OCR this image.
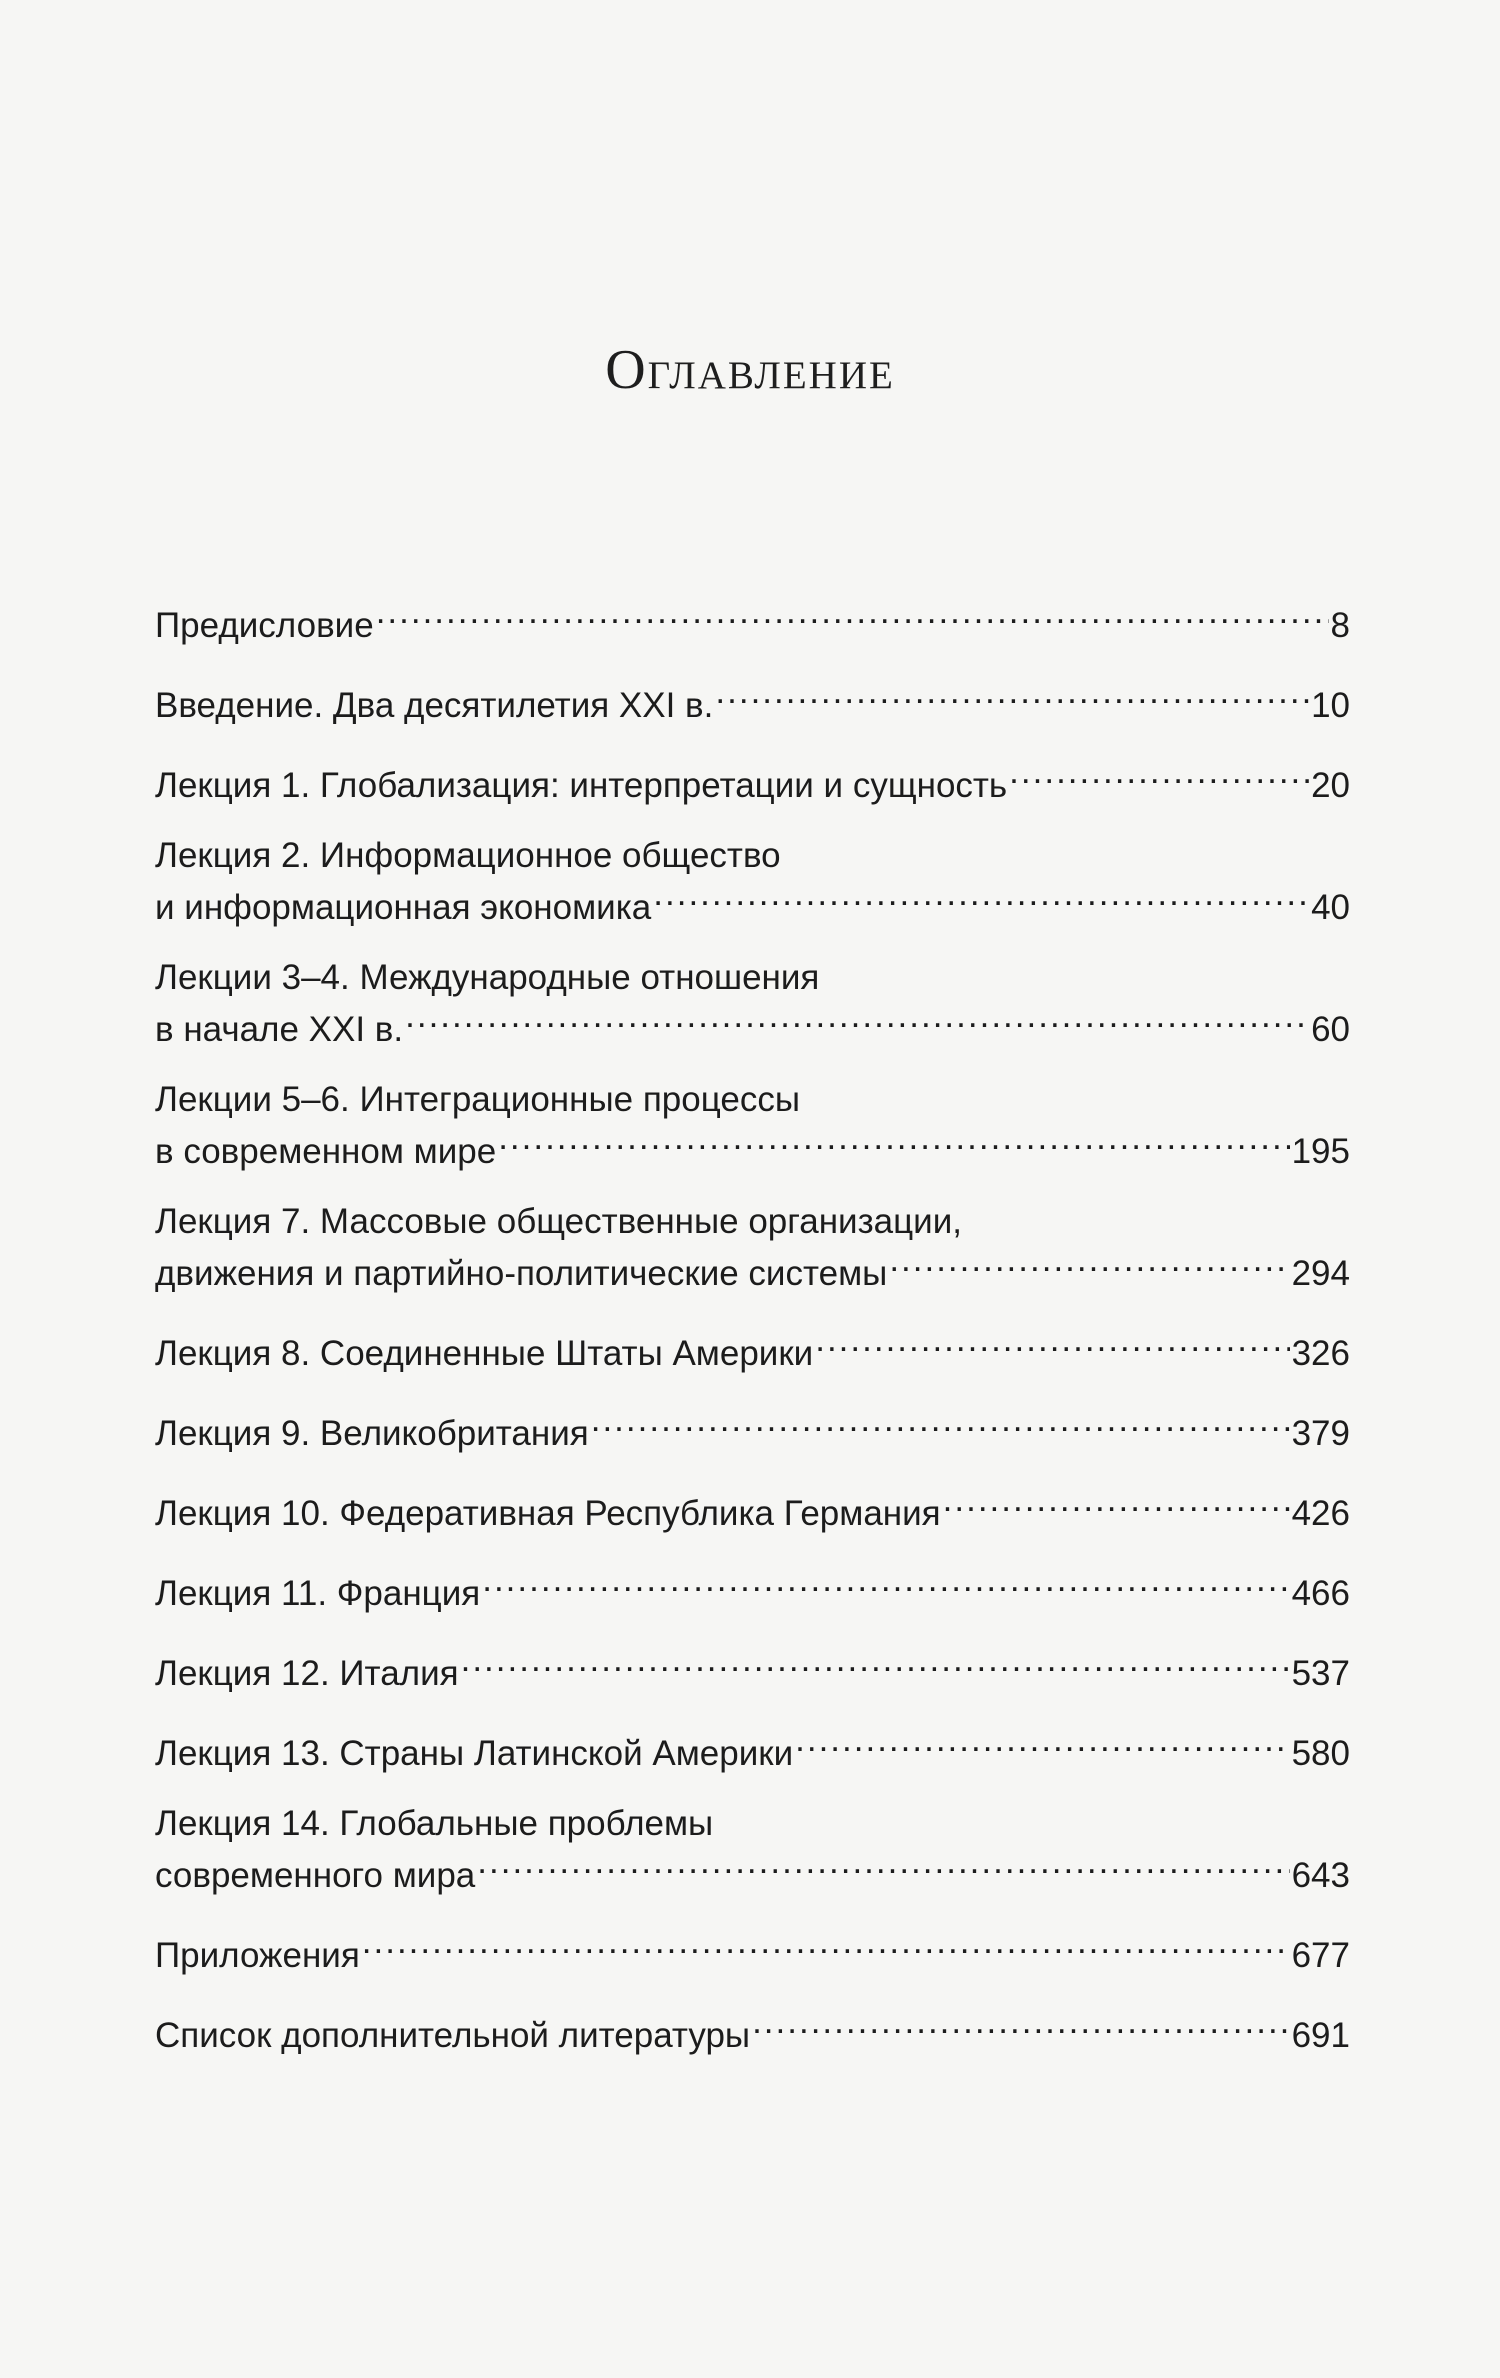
Оглавление
Предисловие .....	8
Введение. Два десятилетия XXI в. .....	10
Лекция 1. Глобализация: интерпретации и сущность .....	20
Лекция 2. Информационное общество
и информационная экономика .....	40
Лекции 3–4. Международные отношения
в начале XXI в. .....	60
Лекции 5–6. Интеграционные процессы
в современном мире .....	195
Лекция 7. Массовые общественные организации,
движения и партийно-политические системы .....	294
Лекция 8. Соединенные Штаты Америки .....	326
Лекция 9. Великобритания .....	379
Лекция 10. Федеративная Республика Германия .....	426
Лекция 11. Франция .....	466
Лекция 12. Италия .....	537
Лекция 13. Страны Латинской Америки .....	580
Лекция 14. Глобальные проблемы
современного мира .....	643
Приложения .....	677
Список дополнительной литературы .....	691
